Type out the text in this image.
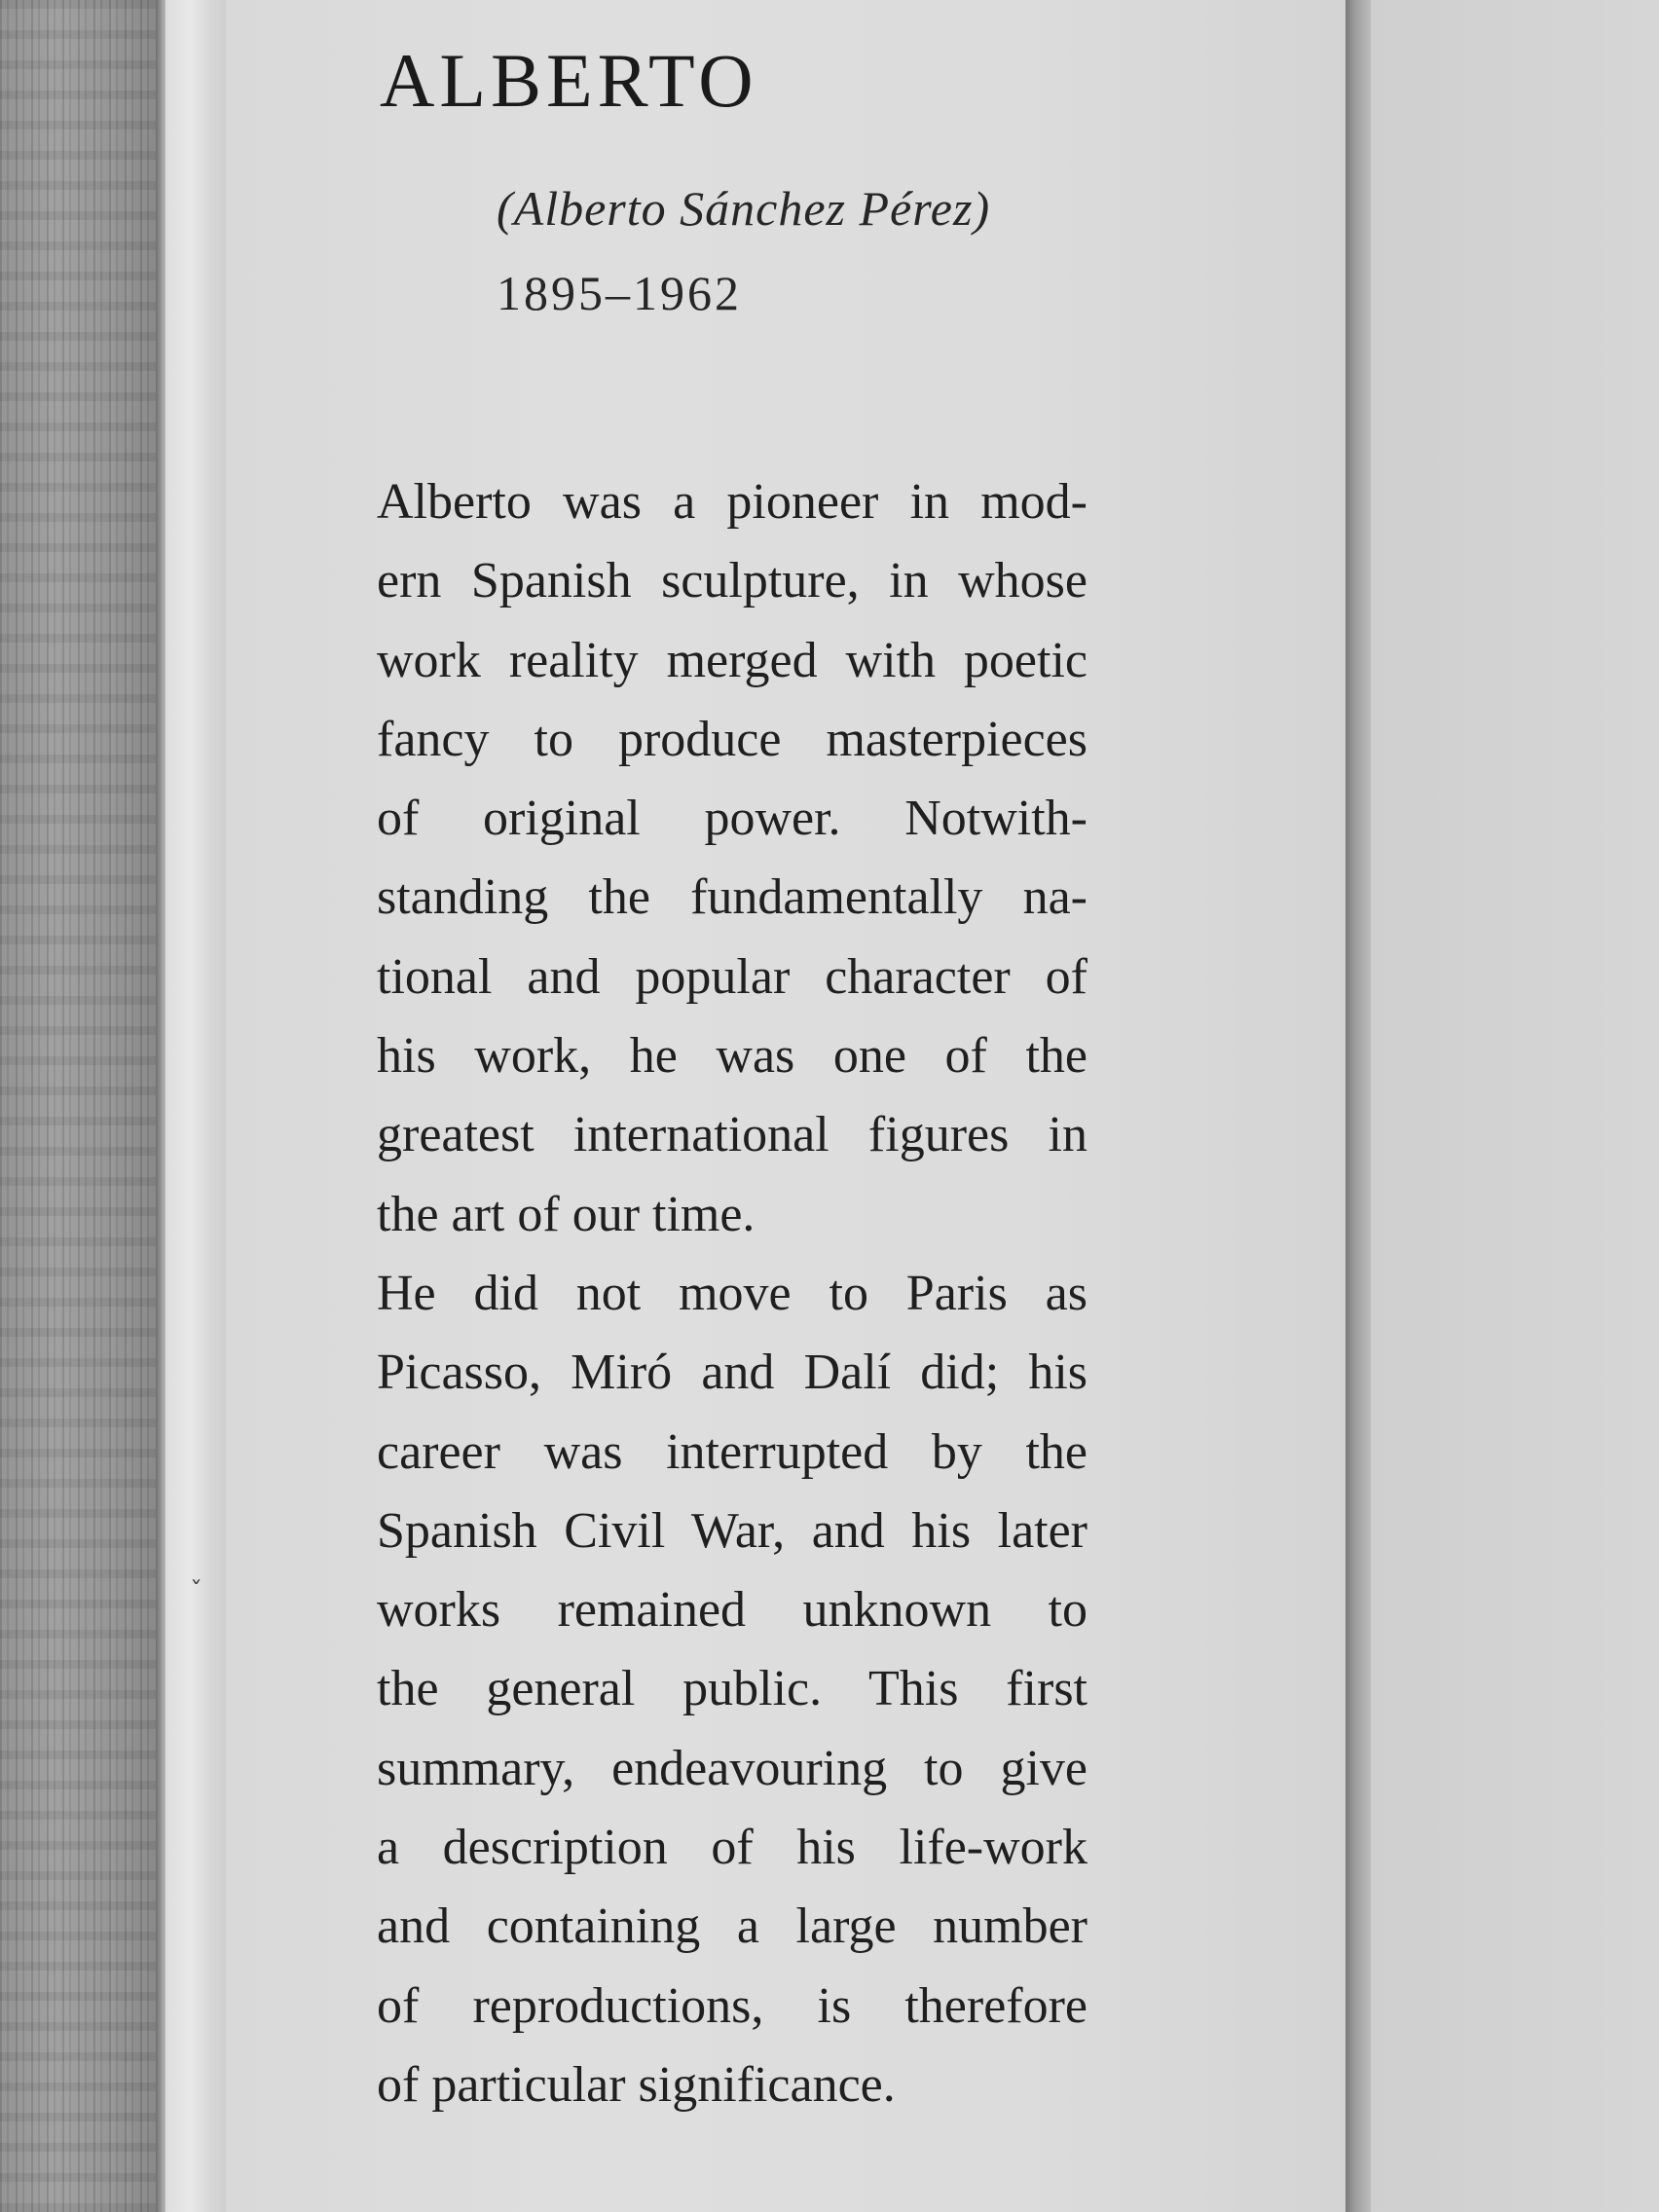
ALBERTO
(Alberto Sánchez Pérez)
1895–1962
Alberto was a pioneer in mod-
ern Spanish sculpture, in whose
work reality merged with poetic
fancy to produce masterpieces
of original power. Notwith-
standing the fundamentally na-
tional and popular character of
his work, he was one of the
greatest international figures in
the art of our time.
He did not move to Paris as
Picasso, Miró and Dalí did; his
career was interrupted by the
Spanish Civil War, and his later
works remained unknown to
the general public. This first
summary, endeavouring to give
a description of his life-work
and containing a large number
of reproductions, is therefore
of particular significance.
ˇ
